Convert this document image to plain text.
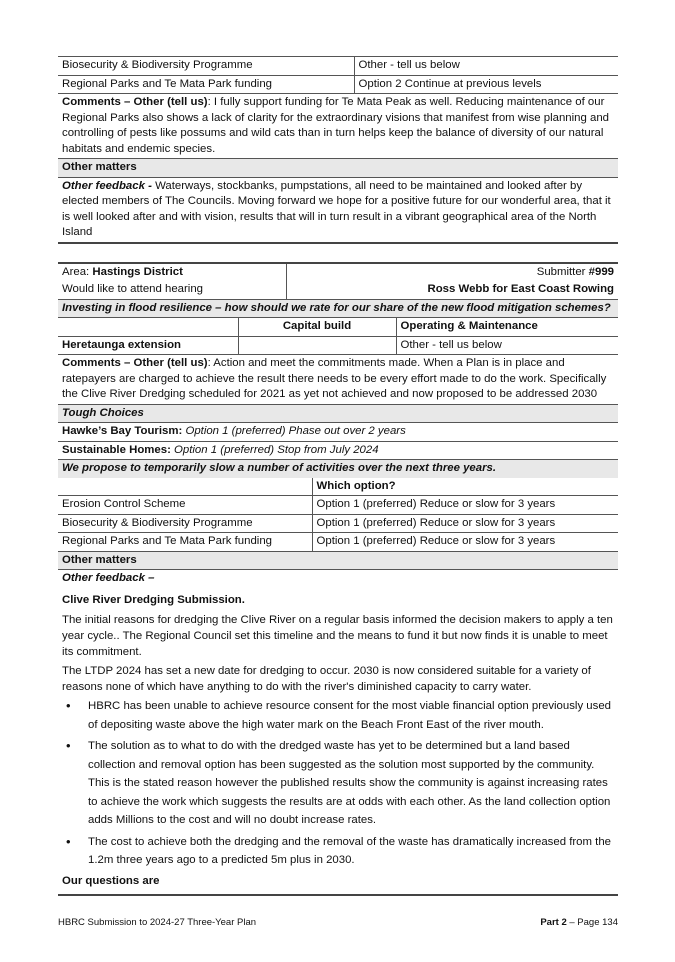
Biosecurity & Biodiversity Programme	Other - tell us below
Regional Parks and Te Mata Park funding	Option 2 Continue at previous levels
Comments – Other (tell us): I fully support funding for Te Mata Peak as well. Reducing maintenance of our Regional Parks also shows a lack of clarity for the extraordinary visions that manifest from wise planning and controlling of pests like possums and wild cats than in turn helps keep the balance of diversity of our natural habitats and endemic species.
Other matters
Other feedback - Waterways, stockbanks, pumpstations, all need to be maintained and looked after by elected members of The Councils. Moving forward we hope for a positive future for our wonderful area, that it is well looked after and with vision, results that will in turn result in a vibrant geographical area of the North Island
Area: Hastings District	Submitter #999
Would like to attend hearing	Ross Webb for East Coast Rowing
Investing in flood resilience – how should we rate for our share of the new flood mitigation schemes?
	Capital build	Operating & Maintenance
Heretaunga extension		Other - tell us below
Comments – Other (tell us): Action and meet the commitments made. When a Plan is in place and ratepayers are charged to achieve the result there needs to be every effort made to do the work. Specifically the Clive River Dredging scheduled for 2021 as yet not achieved and now proposed to be addressed 2030
Tough Choices
Hawke’s Bay Tourism: Option 1 (preferred) Phase out over 2 years
Sustainable Homes: Option 1 (preferred) Stop from July 2024
We propose to temporarily slow a number of activities over the next three years.
	Which option?
Erosion Control Scheme	Option 1 (preferred) Reduce or slow for 3 years
Biosecurity & Biodiversity Programme	Option 1 (preferred) Reduce or slow for 3 years
Regional Parks and Te Mata Park funding	Option 1 (preferred) Reduce or slow for 3 years
Other matters
Other feedback –
Clive River Dredging Submission.
The initial reasons for dredging the Clive River on a regular basis informed the decision makers to apply a ten year cycle.. The Regional Council set this timeline and the means to fund it but now finds it is unable to meet its commitment.
The LTDP 2024 has set a new date for dredging to occur. 2030 is now considered suitable for a variety of reasons none of which have anything to do with the river's diminished capacity to carry water.
• HBRC has been unable to achieve resource consent for the most viable financial option previously used of depositing waste above the high water mark on the Beach Front East of the river mouth.
• The solution as to what to do with the dredged waste has yet to be determined but a land based collection and removal option has been suggested as the solution most supported by the community. This is the stated reason however the published results show the community is against increasing rates to achieve the work which suggests the results are at odds with each other. As the land collection option adds Millions to the cost and will no doubt increase rates.
• The cost to achieve both the dredging and the removal of the waste has dramatically increased from the 1.2m three years ago to a predicted 5m plus in 2030.
Our questions are
HBRC Submission to 2024-27 Three-Year Plan	Part 2 – Page 134
